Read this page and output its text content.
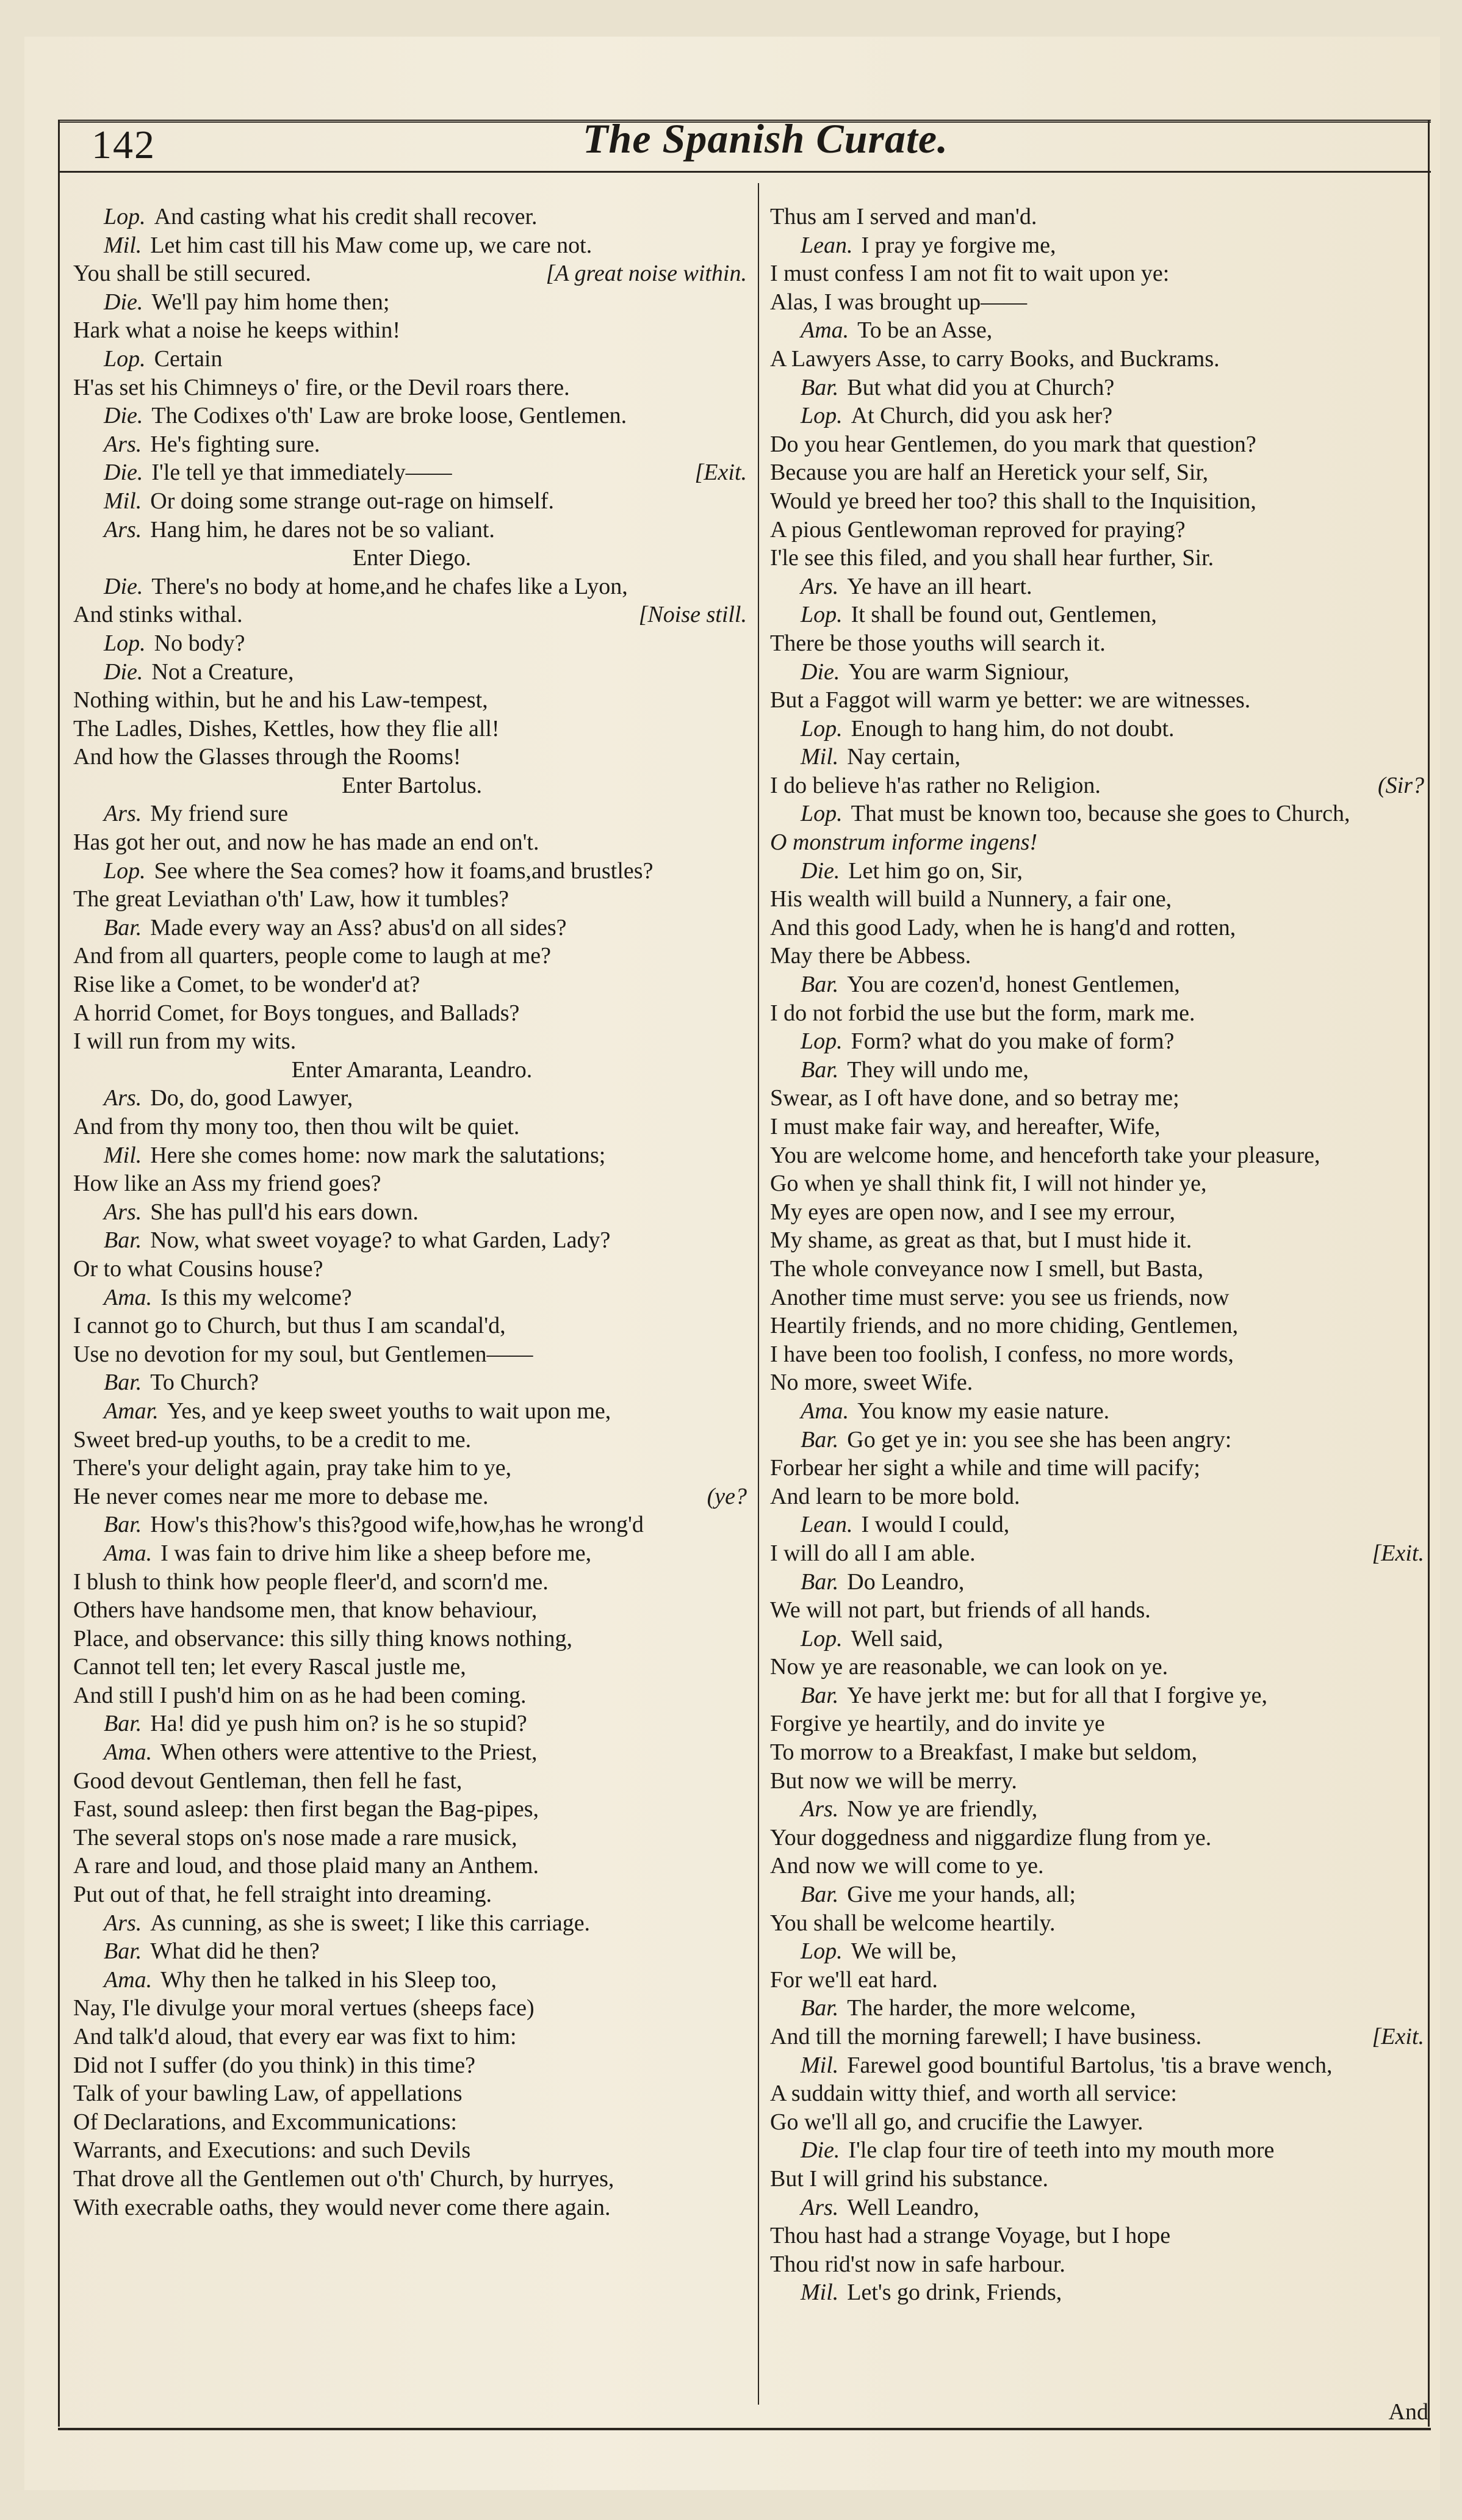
142	The Spanish Curate.
Lop. And casting what his credit shall recover.
Mil. Let him cast till his Maw come up, we care not.
You shall be still secured.	[A great noise within.
Die. We'll pay him home then;
Hark what a noise he keeps within!
Lop. Certain
H'as set his Chimneys o' fire, or the Devil roars there.
Die. The Codixes o'th' Law are broke loose, Gentlemen.
Ars. He's fighting sure.
Die. I'le tell ye that immediately——	[Exit.
Mil. Or doing some strange out-rage on himself.
Ars. Hang him, he dares not be so valiant.
Enter Diego.
Die. There's no body at home,and he chafes like a Lyon,
And stinks withal.	[Noise still.
Lop. No body?
Die. Not a Creature,
Nothing within, but he and his Law-tempest,
The Ladles, Dishes, Kettles, how they flie all!
And how the Glasses through the Rooms!
Enter Bartolus.
Ars. My friend sure
Has got her out, and now he has made an end on't.
Lop. See where the Sea comes? how it foams,and brustles?
The great Leviathan o'th' Law, how it tumbles?
Bar. Made every way an Ass? abus'd on all sides?
And from all quarters, people come to laugh at me?
Rise like a Comet, to be wonder'd at?
A horrid Comet, for Boys tongues, and Ballads?
I will run from my wits.
Enter Amaranta, Leandro.
Ars. Do, do, good Lawyer,
And from thy mony too, then thou wilt be quiet.
Mil. Here she comes home: now mark the salutations;
How like an Ass my friend goes?
Ars. She has pull'd his ears down.
Bar. Now, what sweet voyage? to what Garden, Lady?
Or to what Cousins house?
Ama. Is this my welcome?
I cannot go to Church, but thus I am scandal'd,
Use no devotion for my soul, but Gentlemen——
Bar. To Church?
Amar. Yes, and ye keep sweet youths to wait upon me,
Sweet bred-up youths, to be a credit to me.
There's your delight again, pray take him to ye,
He never comes near me more to debase me.	(ye?
Bar. How's this?how's this?good wife,how,has he wrong'd
Ama. I was fain to drive him like a sheep before me,
I blush to think how people fleer'd, and scorn'd me.
Others have handsome men, that know behaviour,
Place, and observance: this silly thing knows nothing,
Cannot tell ten; let every Rascal justle me,
And still I push'd him on as he had been coming.
Bar. Ha! did ye push him on? is he so stupid?
Ama. When others were attentive to the Priest,
Good devout Gentleman, then fell he fast,
Fast, sound asleep: then first began the Bag-pipes,
The several stops on's nose made a rare musick,
A rare and loud, and those plaid many an Anthem.
Put out of that, he fell straight into dreaming.
Ars. As cunning, as she is sweet; I like this carriage.
Bar. What did he then?
Ama. Why then he talked in his Sleep too,
Nay, I'le divulge your moral vertues (sheeps face)
And talk'd aloud, that every ear was fixt to him:
Did not I suffer (do you think) in this time?
Talk of your bawling Law, of appellations
Of Declarations, and Excommunications:
Warrants, and Executions: and such Devils
That drove all the Gentlemen out o'th' Church, by hurryes,
With execrable oaths, they would never come there again.
Thus am I served and man'd.
Lean. I pray ye forgive me,
I must confess I am not fit to wait upon ye:
Alas, I was brought up——
Ama. To be an Asse,
A Lawyers Asse, to carry Books, and Buckrams.
Bar. But what did you at Church?
Lop. At Church, did you ask her?
Do you hear Gentlemen, do you mark that question?
Because you are half an Heretick your self, Sir,
Would ye breed her too? this shall to the Inquisition,
A pious Gentlewoman reproved for praying?
I'le see this filed, and you shall hear further, Sir.
Ars. Ye have an ill heart.
Lop. It shall be found out, Gentlemen,
There be those youths will search it.
Die. You are warm Signiour,
But a Faggot will warm ye better: we are witnesses.
Lop. Enough to hang him, do not doubt.
Mil. Nay certain,
I do believe h'as rather no Religion.	(Sir?
Lop. That must be known too, because she goes to Church,
O monstrum informe ingens!
Die. Let him go on, Sir,
His wealth will build a Nunnery, a fair one,
And this good Lady, when he is hang'd and rotten,
May there be Abbess.
Bar. You are cozen'd, honest Gentlemen,
I do not forbid the use but the form, mark me.
Lop. Form? what do you make of form?
Bar. They will undo me,
Swear, as I oft have done, and so betray me;
I must make fair way, and hereafter, Wife,
You are welcome home, and henceforth take your pleasure,
Go when ye shall think fit, I will not hinder ye,
My eyes are open now, and I see my errour,
My shame, as great as that, but I must hide it.
The whole conveyance now I smell, but Basta,
Another time must serve: you see us friends, now
Heartily friends, and no more chiding, Gentlemen,
I have been too foolish, I confess, no more words,
No more, sweet Wife.
Ama. You know my easie nature.
Bar. Go get ye in: you see she has been angry:
Forbear her sight a while and time will pacify;
And learn to be more bold.
Lean. I would I could,
I will do all I am able.	[Exit.
Bar. Do Leandro,
We will not part, but friends of all hands.
Lop. Well said,
Now ye are reasonable, we can look on ye.
Bar. Ye have jerkt me: but for all that I forgive ye,
Forgive ye heartily, and do invite ye
To morrow to a Breakfast, I make but seldom,
But now we will be merry.
Ars. Now ye are friendly,
Your doggedness and niggardize flung from ye.
And now we will come to ye.
Bar. Give me your hands, all;
You shall be welcome heartily.
Lop. We will be,
For we'll eat hard.
Bar. The harder, the more welcome,
And till the morning farewell; I have business.	[Exit.
Mil. Farewel good bountiful Bartolus, 'tis a brave wench,
A suddain witty thief, and worth all service:
Go we'll all go, and crucifie the Lawyer.
Die. I'le clap four tire of teeth into my mouth more
But I will grind his substance.
Ars. Well Leandro,
Thou hast had a strange Voyage, but I hope
Thou rid'st now in safe harbour.
Mil. Let's go drink, Friends,
And
